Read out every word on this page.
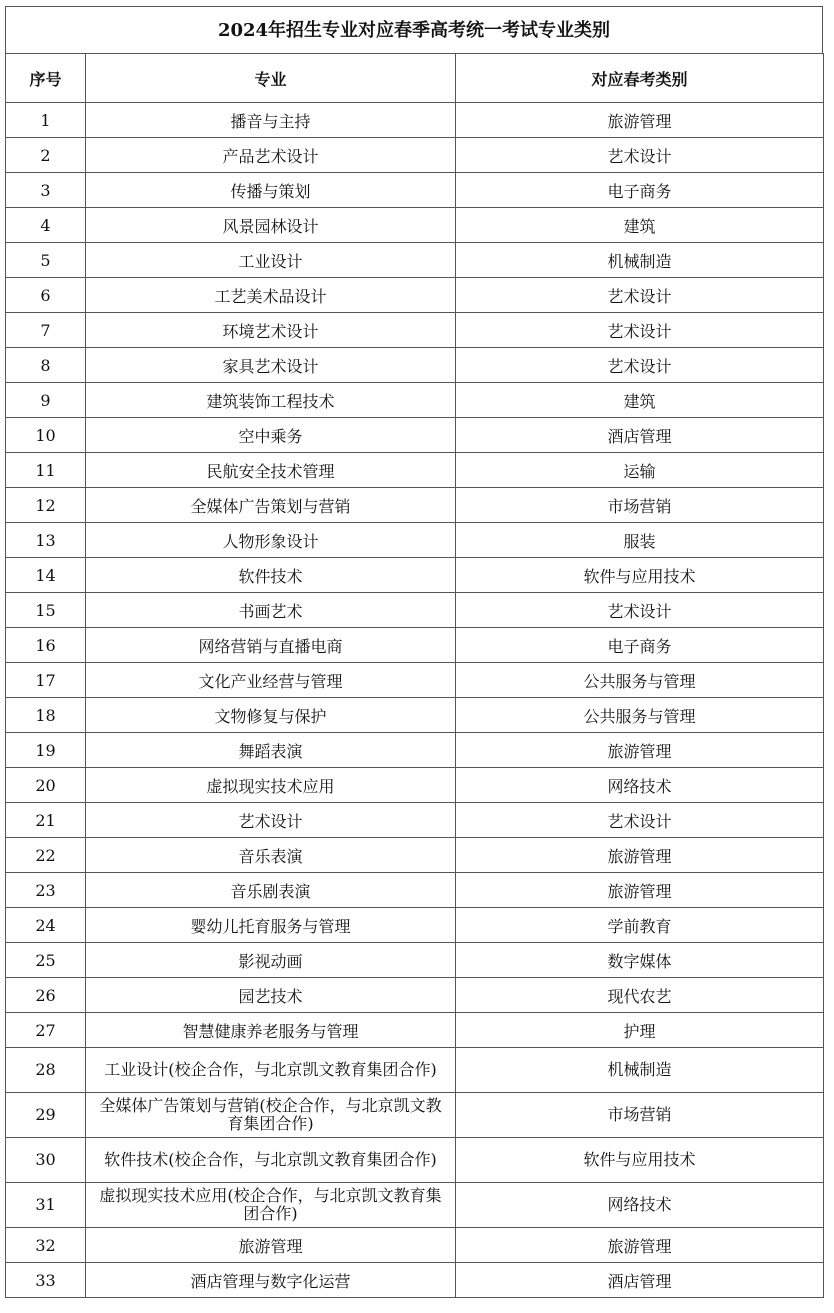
2024年招生专业对应春季高考统一考试专业类别
序号	专业	对应春考类别
1	播音与主持	旅游管理
2	产品艺术设计	艺术设计
3	传播与策划	电子商务
4	风景园林设计	建筑
5	工业设计	机械制造
6	工艺美术品设计	艺术设计
7	环境艺术设计	艺术设计
8	家具艺术设计	艺术设计
9	建筑装饰工程技术	建筑
10	空中乘务	酒店管理
11	民航安全技术管理	运输
12	全媒体广告策划与营销	市场营销
13	人物形象设计	服装
14	软件技术	软件与应用技术
15	书画艺术	艺术设计
16	网络营销与直播电商	电子商务
17	文化产业经营与管理	公共服务与管理
18	文物修复与保护	公共服务与管理
19	舞蹈表演	旅游管理
20	虚拟现实技术应用	网络技术
21	艺术设计	艺术设计
22	音乐表演	旅游管理
23	音乐剧表演	旅游管理
24	婴幼儿托育服务与管理	学前教育
25	影视动画	数字媒体
26	园艺技术	现代农艺
27	智慧健康养老服务与管理	护理
28	工业设计(校企合作，与北京凯文教育集团合作)	机械制造
29	全媒体广告策划与营销(校企合作，与北京凯文教育集团合作)	市场营销
30	软件技术(校企合作，与北京凯文教育集团合作)	软件与应用技术
31	虚拟现实技术应用(校企合作，与北京凯文教育集团合作)	网络技术
32	旅游管理	旅游管理
33	酒店管理与数字化运营	酒店管理
